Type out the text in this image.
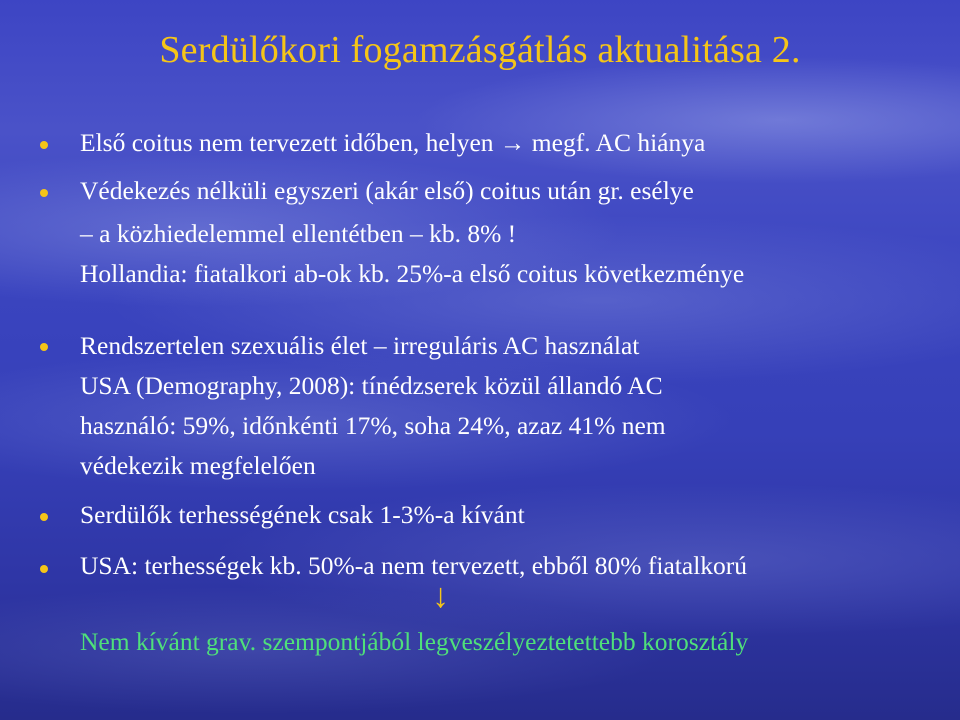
Serdülőkori fogamzásgátlás aktualitása 2.
Első coitus nem tervezett időben, helyen → megf. AC hiánya
Védekezés nélküli egyszeri (akár első) coitus után gr. esélye
– a közhiedelemmel ellentétben – kb. 8% !
Hollandia: fiatalkori ab-ok kb. 25%-a első coitus következménye
Rendszertelen szexuális élet – irreguláris AC használat
USA (Demography, 2008): tínédzserek közül állandó AC
használó: 59%, időnkénti 17%, soha 24%, azaz 41% nem
védekezik megfelelően
Serdülők terhességének csak 1-3%-a kívánt
USA: terhességek kb. 50%-a nem tervezett, ebből 80% fiatalkorú
↓
Nem kívánt grav. szempontjából legveszélyeztetettebb korosztály
